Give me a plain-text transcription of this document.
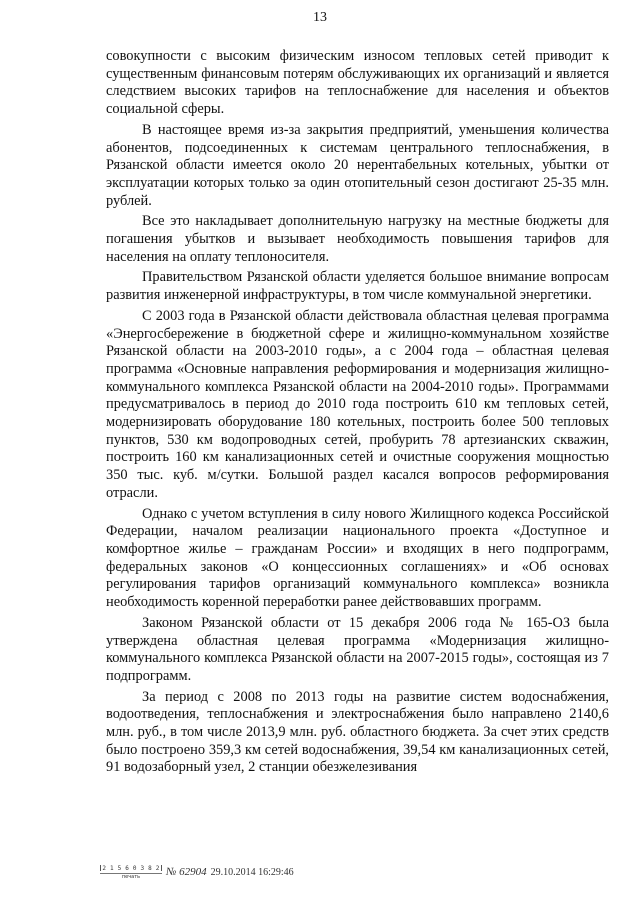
13

совокупности с высоким физическим износом тепловых сетей приводит к существенным финансовым потерям обслуживающих их организаций и является следствием высоких тарифов на теплоснабжение для населения и объектов социальной сферы.

В настоящее время из-за закрытия предприятий, уменьшения количества абонентов, подсоединенных к системам центрального теплоснабжения, в Рязанской области имеется около 20 нерентабельных котельных, убытки от эксплуатации которых только за один отопительный сезон достигают 25-35 млн. рублей.

Все это накладывает дополнительную нагрузку на местные бюджеты для погашения убытков и вызывает необходимость повышения тарифов для населения на оплату теплоносителя.

Правительством Рязанской области уделяется большое внимание вопросам развития инженерной инфраструктуры, в том числе коммунальной энергетики.

С 2003 года в Рязанской области действовала областная целевая программа «Энергосбережение в бюджетной сфере и жилищно-коммунальном хозяйстве Рязанской области на 2003-2010 годы», а с 2004 года – областная целевая программа «Основные направления реформирования и модернизация жилищно-коммунального комплекса Рязанской области на 2004-2010 годы». Программами предусматривалось в период до 2010 года построить 610 км тепловых сетей, модернизировать оборудование 180 котельных, построить более 500 тепловых пунктов, 530 км водопроводных сетей, пробурить 78 артезианских скважин, построить 160 км канализационных сетей и очистные сооружения мощностью 350 тыс. куб. м/сутки. Большой раздел касался вопросов реформирования отрасли.

Однако с учетом вступления в силу нового Жилищного кодекса Российской Федерации, началом реализации национального проекта «Доступное и комфортное жилье – гражданам России» и входящих в него подпрограмм, федеральных законов «О концессионных соглашениях» и «Об основах регулирования тарифов организаций коммунального комплекса» возникла необходимость коренной переработки ранее действовавших программ.

Законом Рязанской области от 15 декабря 2006 года № 165-ОЗ была утверждена областная целевая программа «Модернизация жилищно-коммунального комплекса Рязанской области на 2007-2015 годы», состоящая из 7 подпрограмм.

За период с 2008 по 2013 годы на развитие систем водоснабжения, водоотведения, теплоснабжения и электроснабжения было направлено 2140,6 млн. руб., в том числе 2013,9 млн. руб. областного бюджета. За счет этих средств было построено 359,3 км сетей водоснабжения, 39,54 км канализационных сетей, 91 водозаборный узел, 2 станции обезжелезивания

2 1 5 6 0 3 8 2
печать	№ 62904 29.10.2014 16:29:46
